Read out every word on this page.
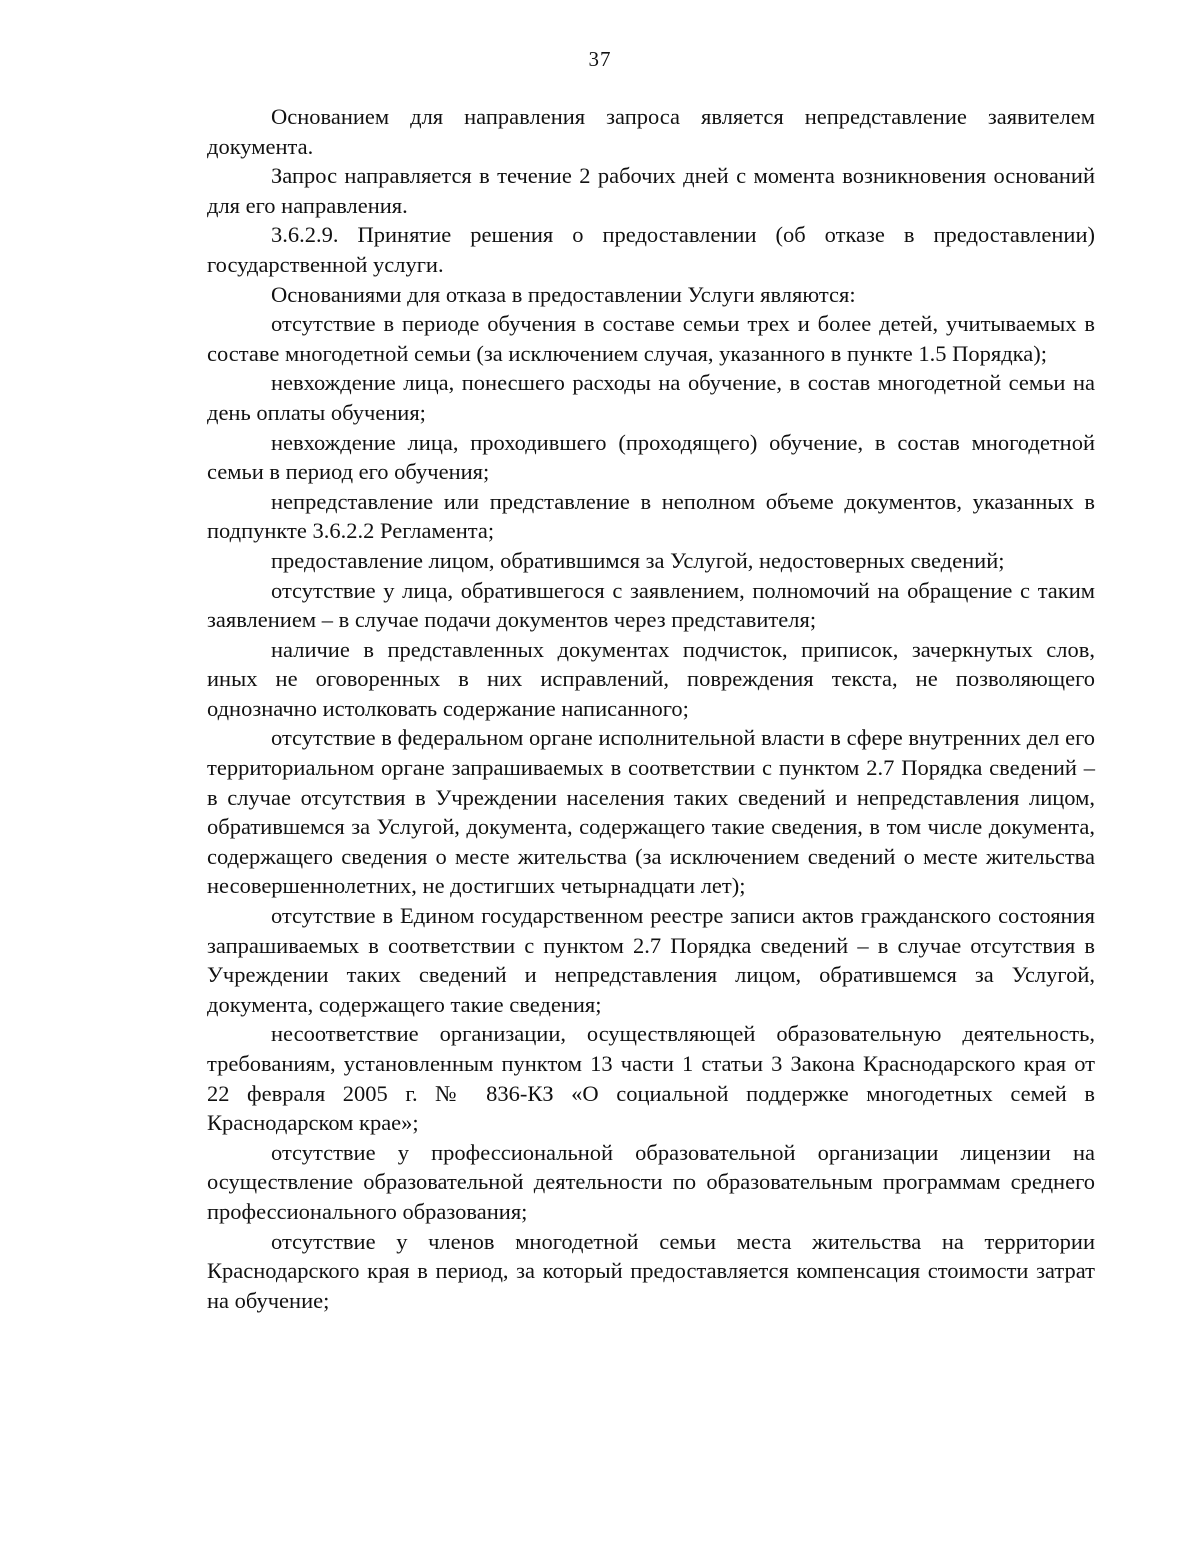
37

Основанием для направления запроса является непредставление заявителем документа.

Запрос направляется в течение 2 рабочих дней с момента возникновения оснований для его направления.

3.6.2.9. Принятие решения о предоставлении (об отказе в предоставлении) государственной услуги.

Основаниями для отказа в предоставлении Услуги являются:

отсутствие в периоде обучения в составе семьи трех и более детей, учитываемых в составе многодетной семьи (за исключением случая, указанного в пункте 1.5 Порядка);

невхождение лица, понесшего расходы на обучение, в состав многодетной семьи на день оплаты обучения;

невхождение лица, проходившего (проходящего) обучение, в состав многодетной семьи в период его обучения;

непредставление или представление в неполном объеме документов, указанных в подпункте 3.6.2.2 Регламента;

предоставление лицом, обратившимся за Услугой, недостоверных сведений;

отсутствие у лица, обратившегося с заявлением, полномочий на обращение с таким заявлением – в случае подачи документов через представителя;

наличие в представленных документах подчисток, приписок, зачеркнутых слов, иных не оговоренных в них исправлений, повреждения текста, не позволяющего однозначно истолковать содержание написанного;

отсутствие в федеральном органе исполнительной власти в сфере внутренних дел его территориальном органе запрашиваемых в соответствии с пунктом 2.7 Порядка сведений – в случае отсутствия в Учреждении населения таких сведений и непредставления лицом, обратившемся за Услугой, документа, содержащего такие сведения, в том числе документа, содержащего сведения о месте жительства (за исключением сведений о месте жительства несовершеннолетних, не достигших четырнадцати лет);

отсутствие в Едином государственном реестре записи актов гражданского состояния запрашиваемых в соответствии с пунктом 2.7 Порядка сведений – в случае отсутствия в Учреждении таких сведений и непредставления лицом, обратившемся за Услугой, документа, содержащего такие сведения;

несоответствие организации, осуществляющей образовательную деятельность, требованиям, установленным пунктом 13 части 1 статьи 3 Закона Краснодарского края от 22 февраля 2005 г. № 836-КЗ «О социальной поддержке многодетных семей в Краснодарском крае»;

отсутствие у профессиональной образовательной организации лицензии на осуществление образовательной деятельности по образовательным программам среднего профессионального образования;

отсутствие у членов многодетной семьи места жительства на территории Краснодарского края в период, за который предоставляется компенсация стоимости затрат на обучение;
